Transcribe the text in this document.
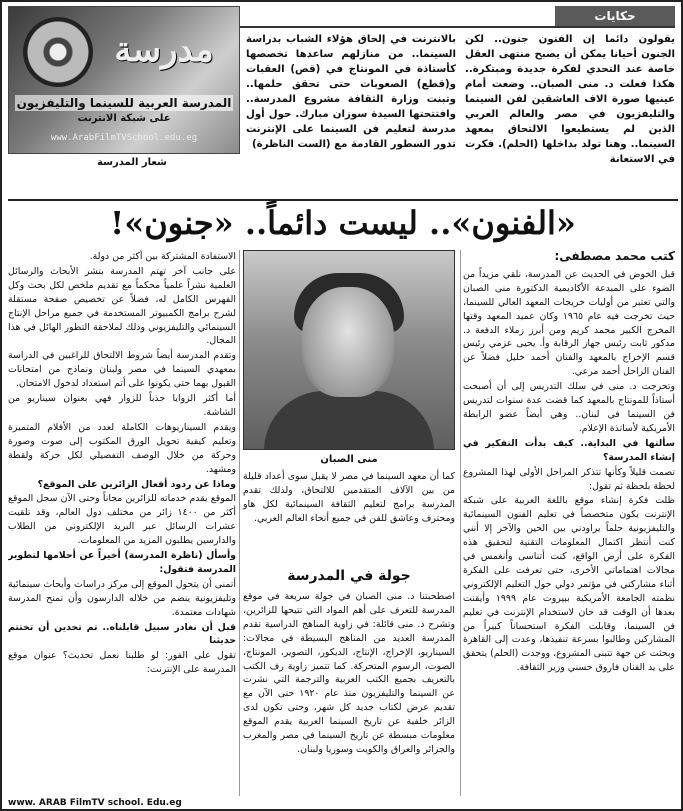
حكايات
يقولون دائما إن الفنون جنون.. لكن الجنون أحيانا يمكن أن يصبح منتهى العقل خاصة عند التحدي لفكرة جديدة ومبتكرة.. هكذا فعلت د. منى الصبان.. وضعت أمام عينيها صورة الاف العاشقين لفن السينما والتليفزيون في مصر والعالم العربي الذين لم يستطيعوا الالتحاق بمعهد السينما.. وهنا تولد بداخلها (الحلم). فكرت في الاستعانة
بالانترنت في إلحاق هؤلاء الشباب بدراسة السينما.. من منازلهم ساعدها تخصصها كأستاذة في المونتاج في (قص) العقبات و(قطع) الصعوبات حتى تحقق حلمها.. وتبنت وزارة الثقافة مشروع المدرسة.. وافتتحتها السيدة سوزان مبارك. حول أول مدرسة لتعليم فن السينما على الإنترنت تدور السطور القادمة مع (الست الناظرة)
مدرسة
المدرسة العربية للسينما والتليفزيون
على شبكة الانترنت
www.ArabFilmTVSchool.edu.eg
شعار المدرسة
«الفنون».. ليست دائماً.. «جنون»!
كتب محمد مصطفى:

قبل الخوض في الحديث عن المدرسة، نلقي مزيداً من الضوء على المبدعة الأكاديمية الدكتورة منى الصبان والتي تعتبر من أوليات خريجات المعهد العالي للسينما، حيث تخرجت فيه عام ١٩٦٥ وكان عميد المعهد وقتها المخرج الكبير محمد كريم ومن أبرز زملاء الدفعة د. مدكور ثابت رئيس جهاز الرقابة وأ. يحيى عزمي رئيس قسم الإخراج بالمعهد والفنان أحمد خليل فضلاً عن الفنان الراحل أحمد مرعي.

وتحرجت د. منى في سلك التدريس إلى أن أصبحت أستاذاً للمونتاج بالمعهد كما قضت عدة سنوات لتدريس فن السينما في لبنان.. وهي أيضاً عضو الرابطة الأمريكية لأساتذة الإعلام.

سألتها في البداية.. كيف بدأت التفكير في إنشاء المدرسة؟

تصمت قليلاً وكأنها تتذكر المراحل الأولى لهذا المشروع لحظة بلحظة ثم تقول:

ظلت فكرة إنشاء موقع باللغة العربية على شبكة الإنترنت يكون متخصصاً في تعليم الفنون السينمائية والتليفزيونية حلماً يراودني بين الحين والآخر إلا أنني كنت أنتظر اكتمال المعلومات التقنية لتحقيق هذه الفكرة على أرض الواقع، كنت أتناسى وأنغمس في مجالات اهتماماتي الأخرى، حتى تعرفت على الفكرة أثناء مشاركتي في مؤتمر دولي حول التعليم الإلكتروني نظمته الجامعة الأمريكية ببيروت عام ١٩٩٩ وأيقنت بعدها أن الوقت قد حان لاستخدام الإنترنت في تعليم فن السينما، وقابلت الفكرة استحساناً كبيراً من المشاركين وطالبوا بسرعة تنفيذها، وعدت إلى القاهرة وبحثت عن جهة تتبنى المشروع، ووجدت (الحلم) يتحقق على يد الفنان فاروق حسني وزير الثقافة.

منى الصبان
كما أن معهد السينما في مصر لا يقبل سوى أعداد قليلة من بين الآلاف المتقدمين للالتحاق، ولذلك تقدم المدرسة برامج لتعليم الثقافة السينمائية لكل هاو ومحترف وعاشق للفن في جميع أنحاء العالم العربي.
جولة في المدرسة
اصطحبتنا د. منى الصبان في جولة سريعة في موقع المدرسة للتعرف على أهم المواد التي تتيحها للزائرين، وتشرح د. منى قائلة: في زاوية المناهج الدراسية تقدم المدرسة العديد من المناهج البسيطة في مجالات: السيناريو، الإخراج، الإنتاج، الديكور، التصوير، المونتاج، الصوت، الرسوم المتحركة. كما تتميز زاوية رف الكتب بالتعريف بجميع الكتب العربية والترجمة التي نشرت عن السينما والتليفزيون منذ عام ١٩٢٠ حتى الآن مع تقديم عرض لكتاب جديد كل شهر، وحتى تكون لدى الزائر خلفية عن تاريخ السينما العربية يقدم الموقع معلومات مبسطة عن تاريخ السينما في مصر والمغرب والجزائر والعراق والكويت وسوريا ولبنان.

الاستفادة المشتركة بين أكثر من دولة.

على جانب آخر تهتم المدرسة بنشر الأبحاث والرسائل العلمية نشراً علمياً محكماً مع تقديم ملخص لكل بحث وكل الفهرس الكامل له، فضلاً عن تخصيص صفحة مستقلة لشرح برامج الكمبيوتر المستخدمة في جميع مراحل الإنتاج السينمائي والتليفزيوني وذلك لملاحقة التطور الهائل في هذا المجال.

وتقدم المدرسة أيضاً شروط الالتحاق للراغبين في الدراسة بمعهدي السينما في مصر ولبنان ونماذج من امتحانات القبول بهما حتى يكونوا على أتم استعداد لدخول الامتحان.

أما أكثر الزوايا جذباً للزوار فهي بعنوان سيناريو من الشاشة.

ويقدم السيناريوهات الكاملة لعدد من الأفلام المتميزة وتعليم كيفية تحويل الورق المكتوب إلى صوت وصورة وحركة من خلال الوصف التفصيلي لكل حركة ولقطة ومشهد.

وماذا عن ردود أفعال الزائرين على الموقع؟

الموقع يقدم خدماته للزائرين مجاناً وحتى الآن سجل الموقع أكثر من ١٤٠٠ زائر من مختلف دول العالم، وقد تلقيت عشرات الرسائل عبر البريد الإلكتروني من الطلاب والدارسين يطلبون المزيد من المعلومات.

وأسأل (ناظرة المدرسة) أخيراً عن أحلامها لتطوير المدرسة فتقول:

أتمنى أن يتحول الموقع إلى مركز دراسات وأبحاث سينمائية وتليفزيونية ينضم من خلاله الدارسون وأن تمنح المدرسة شهادات معتمدة.

قبل أن نغادر سبيل قابلناه.. تم تحدين أن تختتم حديثنا

تقول على الفور: لو طلبنا نعمل تحديث؟ عنوان موقع المدرسة على الإنترنت:

www. ARAB FilmTV school. Edu.eg
